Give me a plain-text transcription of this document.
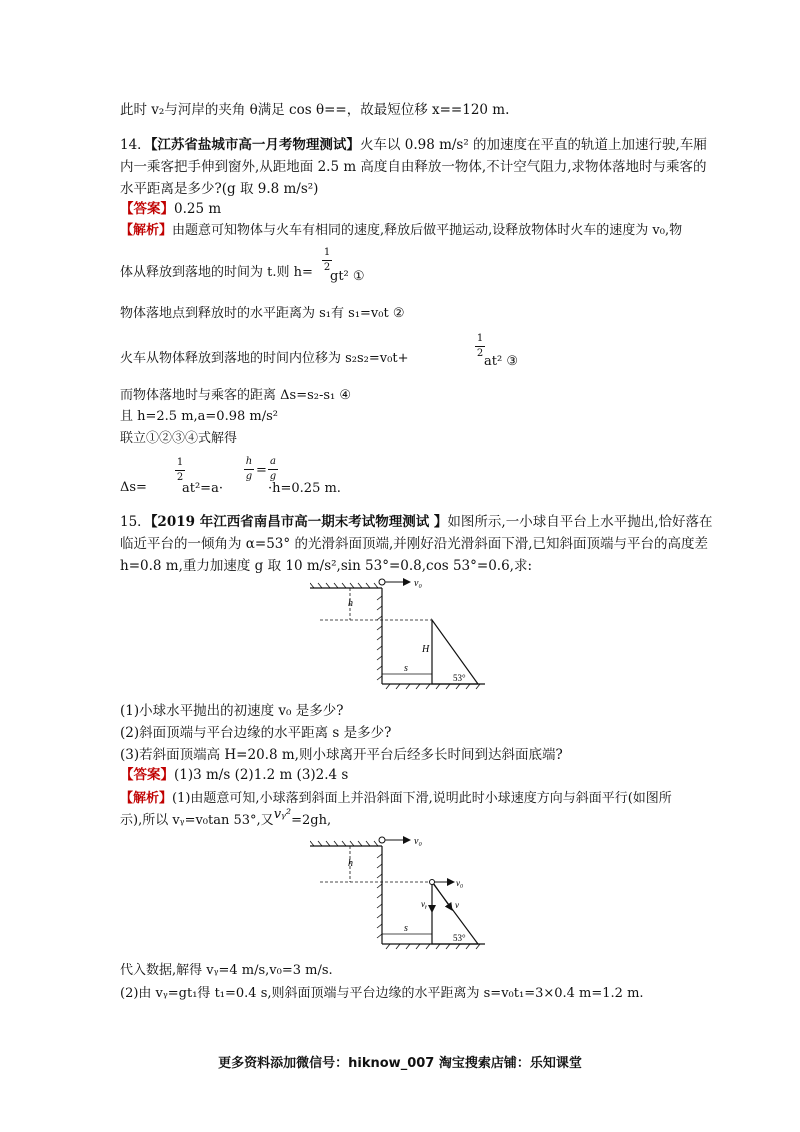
此时 v₂与河岸的夹角 θ满足 cos θ==，故最短位移 x==120 m.
14．【江苏省盐城市高一月考物理测试】火车以 0.98 m/s² 的加速度在平直的轨道上加速行驶,车厢
内一乘客把手伸到窗外,从距地面 2.5 m 高度自由释放一物体,不计空气阻力,求物体落地时与乘客的
水平距离是多少?(g 取 9.8 m/s²)
【答案】0.25 m
【解析】由题意可知物体与火车有相同的速度,释放后做平抛运动,设释放物体时火车的速度为 v₀,物
体从释放到落地的时间为 t.则 h=
1
2
gt² ①
物体落地点到释放时的水平距离为 s₁有 s₁=v₀t ②
火车从物体释放到落地的时间内位移为 s₂s₂=v₀t+
1
2
at² ③
而物体落地时与乘客的距离 Δs=s₂-s₁ ④
且 h=2.5 m,a=0.98 m/s²
联立①②③④式解得
Δs=
1
2
at²=a·
h
g =
a
g
·h=0.25 m.
15．【2019 年江西省南昌市高一期末考试物理测试 】如图所示,一小球自平台上水平抛出,恰好落在
临近平台的一倾角为 α=53° 的光滑斜面顶端,并刚好沿光滑斜面下滑,已知斜面顶端与平台的高度差
h=0.8 m,重力加速度 g 取 10 m/s²,sin 53°=0.8,cos 53°=0.6,求:
v₀
h
H
s
53°
(1)小球水平抛出的初速度 v₀ 是多少?
(2)斜面顶端与平台边缘的水平距离 s 是多少?
(3)若斜面顶端高 H=20.8 m,则小球离开平台后经多长时间到达斜面底端?
【答案】(1)3 m/s (2)1.2 m (3)2.4 s
【解析】(1)由题意可知,小球落到斜面上并沿斜面下滑,说明此时小球速度方向与斜面平行(如图所
示),所以 vᵧ=v₀tan 53°,又vᵧ²=2gh,
v₀
h
v₀
vᵧ	v
s
53°
代入数据,解得 vᵧ=4 m/s,v₀=3 m/s.
(2)由 vᵧ=gt₁得 t₁=0.4 s,则斜面顶端与平台边缘的水平距离为 s=v₀t₁=3×0.4 m=1.2 m.
更多资料添加微信号：hiknow_007 淘宝搜索店铺：乐知课堂
